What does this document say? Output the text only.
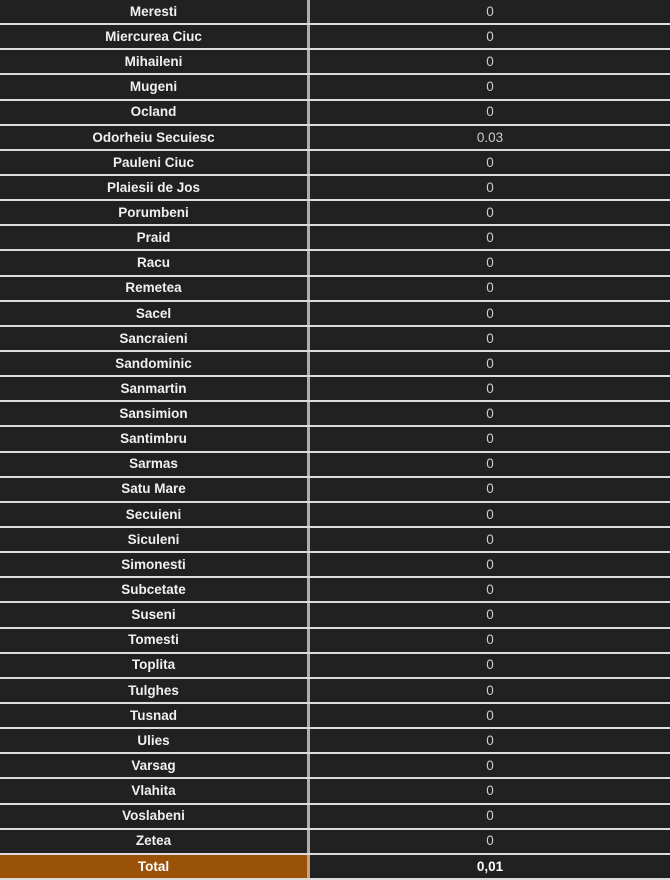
Meresti	0
Miercurea Ciuc	0
Mihaileni	0
Mugeni	0
Ocland	0
Odorheiu Secuiesc	0.03
Pauleni Ciuc	0
Plaiesii de Jos	0
Porumbeni	0
Praid	0
Racu	0
Remetea	0
Sacel	0
Sancraieni	0
Sandominic	0
Sanmartin	0
Sansimion	0
Santimbru	0
Sarmas	0
Satu Mare	0
Secuieni	0
Siculeni	0
Simonesti	0
Subcetate	0
Suseni	0
Tomesti	0
Toplita	0
Tulghes	0
Tusnad	0
Ulies	0
Varsag	0
Vlahita	0
Voslabeni	0
Zetea	0
Total	0,01
